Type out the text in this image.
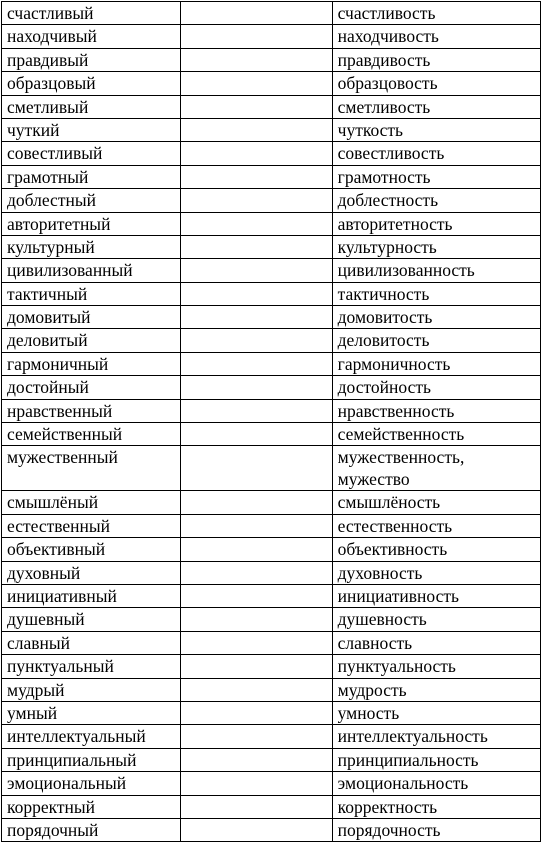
счастливый		счастливость
находчивый		находчивость
правдивый		правдивость
образцовый		образцовость
сметливый		сметливость
чуткий		чуткость
совестливый		совестливость
грамотный		грамотность
доблестный		доблестность
авторитетный		авторитетность
культурный		культурность
цивилизованный		цивилизованность
тактичный		тактичность
домовитый		домовитость
деловитый		деловитость
гармоничный		гармоничность
достойный		достойность
нравственный		нравственность
семейственный		семейственность
мужественный		мужественность, мужество
смышлёный		смышлёность
естественный		естественность
объективный		объективность
духовный		духовность
инициативный		инициативность
душевный		душевность
славный		славность
пунктуальный		пунктуальность
мудрый		мудрость
умный		умность
интеллектуальный		интеллектуальность
принципиальный		принципиальность
эмоциональный		эмоциональность
корректный		корректность
порядочный		порядочность
